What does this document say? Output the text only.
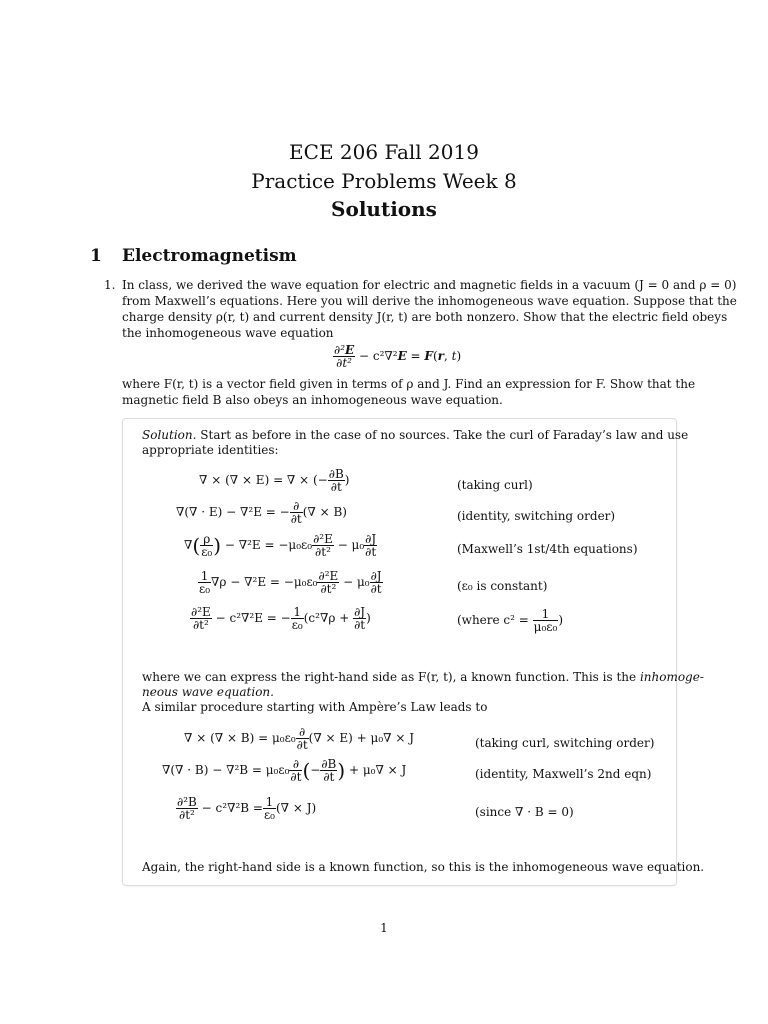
ECE 206 Fall 2019
Practice Problems Week 8
Solutions
1 Electromagnetism
1. In class, we derived the wave equation for electric and magnetic fields in a vacuum (J = 0 and ρ = 0)
from Maxwell’s equations. Here you will derive the inhomogeneous wave equation. Suppose that the
charge density ρ(r, t) and current density J(r, t) are both nonzero. Show that the electric field obeys
the inhomogeneous wave equation
$\frac{\text{∂²E}}{\text{∂t²}} - c^2\nabla^2E = F(r$, t)
where F(r, t) is a vector field given in terms of ρ and J. Find an expression for F. Show that the
magnetic field B also obeys an inhomogeneous wave equation.
Solution. Start as before in the case of no sources. Take the curl of Faraday’s law and use
appropriate identities:
∇ × (∇ × E) = ∇ × (− $\frac{\partial B}{\partial t}$ )	(taking curl)
∇(∇ · E) − ∇²E = − $\frac{\partial}{\partial t}$ (∇ × B)	(identity, switching order)
∇( $\frac{\rho}{\text{ε₀}}$ ) − $\nabla^2E = -\mu_0\varepsilon_0 \frac{\text{∂²E}}{\text{∂t²}} - \mu_0 \frac{\partial J}{\partial t}$	(Maxwell’s 1st/4th equations)
$\frac{1}{\text{ε₀}} \nabla\rho - \nabla^2E = -\mu_0\varepsilon_0 \frac{\text{∂²E}}{\text{∂t²}} - \mu_0 \frac{\partial J}{\partial t}$	(ε₀ is constant)
$\frac{\text{∂²E}}{\text{∂t²}} - c^2\nabla^2E$ = − $\frac{1}{\text{ε₀}} (c^2\nabla\rho + \frac{\partial J}{\partial t}$ )	(where $c^2 = \frac{1}{\text{μ₀ε₀}}$ )
where we can express the right-hand side as F(r, t), a known function. This is the inhomoge-
neous wave equation.
A similar procedure starting with Ampère’s Law leads to
∇ × (∇ × $B) = \mu_0\varepsilon_0 \frac{\partial}{\partial t}$ (∇ × E) + μ₀∇ × J	(taking curl, switching order)
∇(∇ · $B) - \nabla^2B = \mu_0\varepsilon_0 \frac{\partial}{\partial t}$ (− $\frac{\partial B}{\partial t}$ ) + μ₀∇ × J	(identity, Maxwell’s 2nd eqn)
$\frac{\text{∂²B}}{\text{∂t²}} - c^2\nabla^2B = \frac{1}{\text{ε₀}}$ (∇ × J)	(since ∇ · B = 0)
Again, the right-hand side is a known function, so this is the inhomogeneous wave equation.
1
